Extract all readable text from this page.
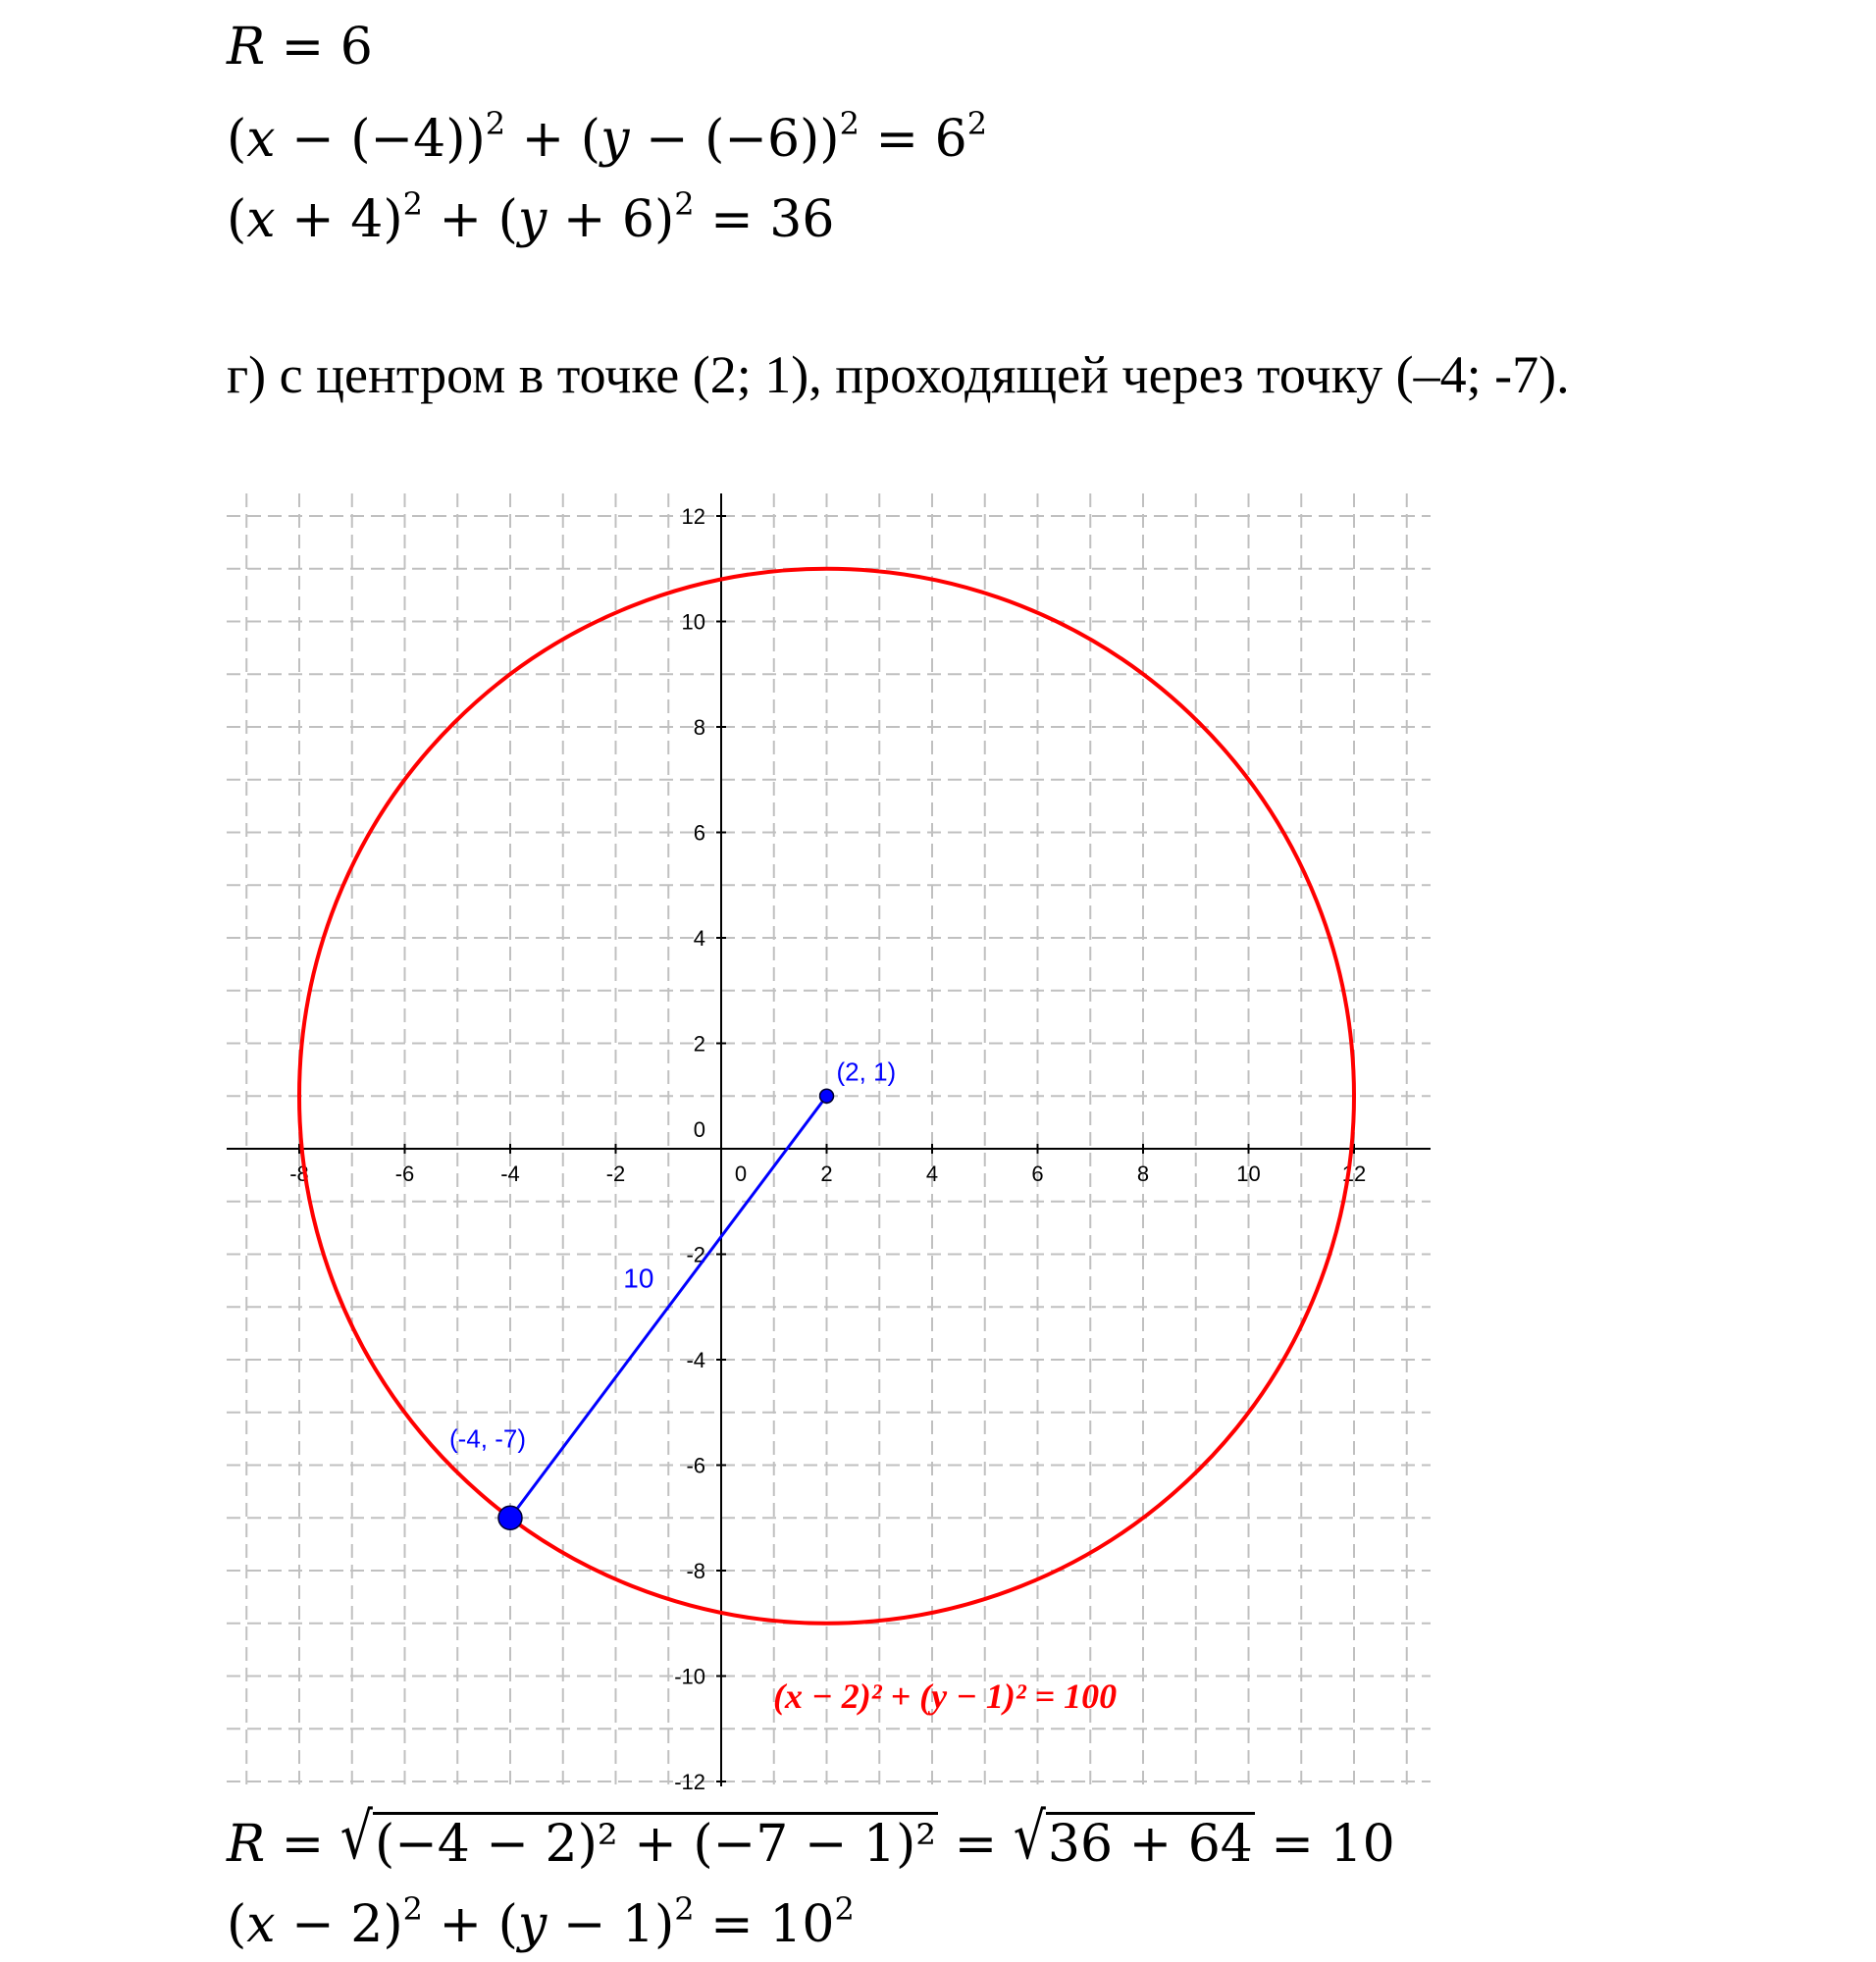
R = 6
$(x - (-4))^2 + (y - (-6))^2 = 6^2$
$(x + 4)^2 + (y + 6)^2 = 36$
г) с центром в точке (2; 1), проходящей через точку (–4; -7).
-8	-6	-4	-2	0	2	4	6	8	10	12
12
10
8
6
4
2
0
-2
-4
-6
-8
-10
-12
10
(2, 1)
(-4, -7)
(x − 2)² + (y − 1)² = 100
R = √(−4 − 2)² + (−7 − 1)² = √36 + 64 = 10
$(x - 2)^2 + (y - 1)^2 = 10^2$
